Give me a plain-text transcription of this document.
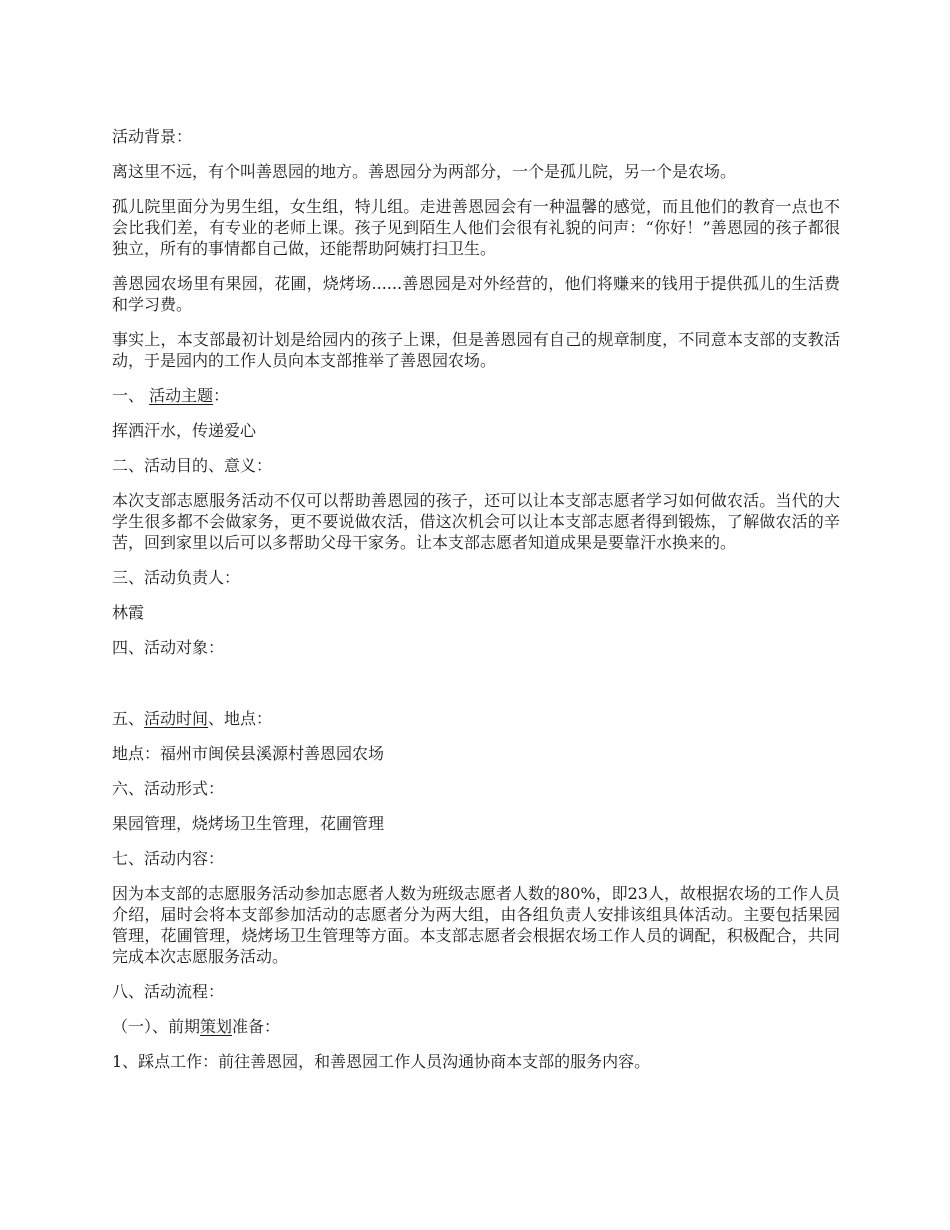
活动背景：

离这里不远，有个叫善恩园的地方。善恩园分为两部分，一个是孤儿院，另一个是农场。

孤儿院里面分为男生组，女生组，特儿组。走进善恩园会有一种温馨的感觉，而且他们的教育一点也不会比我们差，有专业的老师上课。孩子见到陌生人他们会很有礼貌的问声：“你好！”善恩园的孩子都很独立，所有的事情都自己做，还能帮助阿姨打扫卫生。

善恩园农场里有果园，花圃，烧烤场......善恩园是对外经营的，他们将赚来的钱用于提供孤儿的生活费和学习费。

事实上，本支部最初计划是给园内的孩子上课，但是善恩园有自己的规章制度，不同意本支部的支教活动，于是园内的工作人员向本支部推举了善恩园农场。

一、 活动主题：

挥洒汗水，传递爱心

二、活动目的、意义：

本次支部志愿服务活动不仅可以帮助善恩园的孩子，还可以让本支部志愿者学习如何做农活。当代的大学生很多都不会做家务，更不要说做农活，借这次机会可以让本支部志愿者得到锻炼，了解做农活的辛苦，回到家里以后可以多帮助父母干家务。让本支部志愿者知道成果是要靠汗水换来的。

三、活动负责人：

林霞

四、活动对象：

五、活动时间、地点：

地点：福州市闽侯县溪源村善恩园农场

六、活动形式：

果园管理，烧烤场卫生管理，花圃管理

七、活动内容：

因为本支部的志愿服务活动参加志愿者人数为班级志愿者人数的80%，即23人，故根据农场的工作人员介绍，届时会将本支部参加活动的志愿者分为两大组，由各组负责人安排该组具体活动。主要包括果园管理，花圃管理，烧烤场卫生管理等方面。本支部志愿者会根据农场工作人员的调配，积极配合，共同完成本次志愿服务活动。

八、活动流程：

（一）、前期策划准备：

1、踩点工作：前往善恩园，和善恩园工作人员沟通协商本支部的服务内容。
